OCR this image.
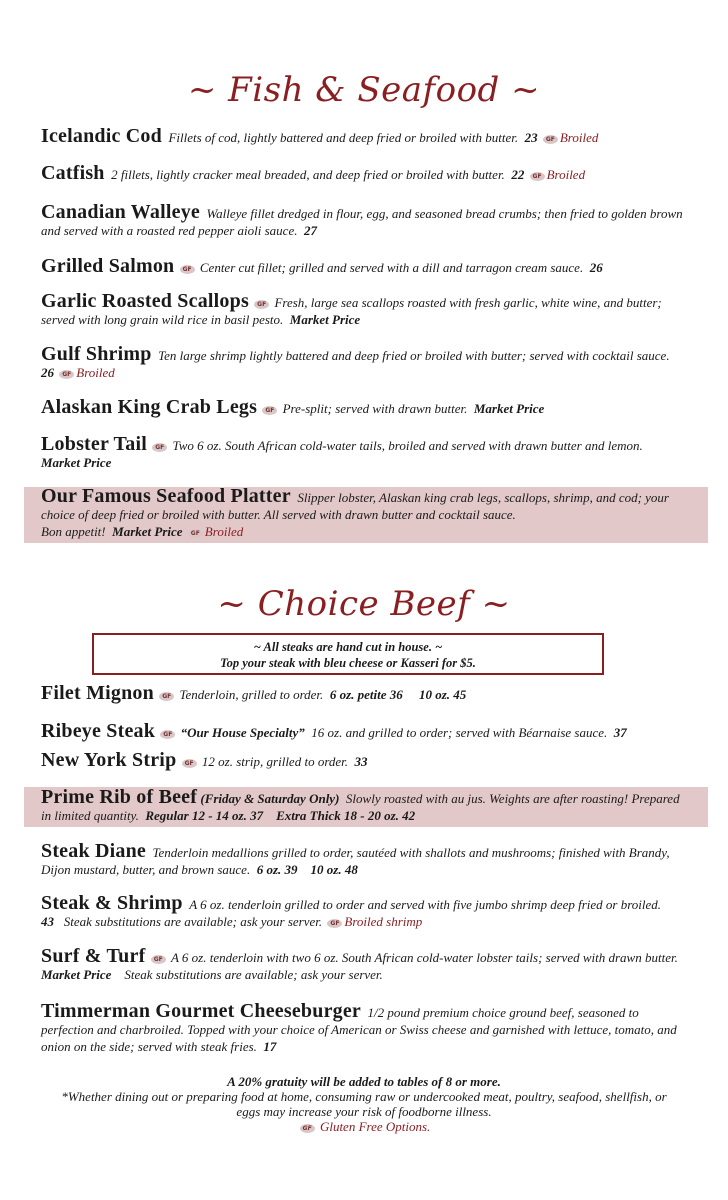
~ Fish & Seafood ~
Icelandic Cod Fillets of cod, lightly battered and deep fried or broiled with butter. 23 GF Broiled
Catfish 2 fillets, lightly cracker meal breaded, and deep fried or broiled with butter. 22 GF Broiled
Canadian Walleye Walleye fillet dredged in flour, egg, and seasoned bread crumbs; then fried to golden brown and served with a roasted red pepper aioli sauce. 27
Grilled Salmon GF Center cut fillet; grilled and served with a dill and tarragon cream sauce. 26
Garlic Roasted Scallops GF Fresh, large sea scallops roasted with fresh garlic, white wine, and butter; served with long grain wild rice in basil pesto. Market Price
Gulf Shrimp Ten large shrimp lightly battered and deep fried or broiled with butter; served with cocktail sauce.  26 GF Broiled
Alaskan King Crab Legs GF Pre-split; served with drawn butter. Market Price
Lobster Tail GF Two 6 oz. South African cold-water tails, broiled and served with drawn butter and lemon.  Market Price
Our Famous Seafood Platter Slipper lobster, Alaskan king crab legs, scallops, shrimp, and cod; your choice of deep fried or broiled with butter. All served with drawn butter and cocktail sauce.
Bon appetit! Market Price GF Broiled
~ Choice Beef ~
~ All steaks are hand cut in house. ~
Top your steak with bleu cheese or Kasseri for $5.
Filet Mignon GF Tenderloin, grilled to order. 6 oz. petite 36 10 oz. 45
Ribeye Steak GF “Our House Specialty” 16 oz. and grilled to order; served with Béarnaise sauce. 37
New York Strip GF 12 oz. strip, grilled to order. 33
Prime Rib of Beef (Friday & Saturday Only) Slowly roasted with au jus. Weights are after roasting! Prepared in limited quantity. Regular 12 - 14 oz. 37 Extra Thick 18 - 20 oz. 42
Steak Diane Tenderloin medallions grilled to order, sautéed with shallots and mushrooms; finished with Brandy, Dijon mustard, butter, and brown sauce. 6 oz. 39 10 oz. 48
Steak & Shrimp A 6 oz. tenderloin grilled to order and served with five jumbo shrimp deep fried or broiled.  43 Steak substitutions are available; ask your server. GF Broiled shrimp
Surf & Turf GF A 6 oz. tenderloin with two 6 oz. South African cold-water lobster tails; served with drawn butter.  Market Price Steak substitutions are available; ask your server.
Timmerman Gourmet Cheeseburger 1/2 pound premium choice ground beef, seasoned to perfection and charbroiled. Topped with your choice of American or Swiss cheese and garnished with lettuce, tomato, and onion on the side; served with steak fries. 17
A 20% gratuity will be added to tables of 8 or more.
*Whether dining out or preparing food at home, consuming raw or undercooked meat, poultry, seafood, shellfish, or eggs may increase your risk of foodborne illness.
GF Gluten Free Options.
